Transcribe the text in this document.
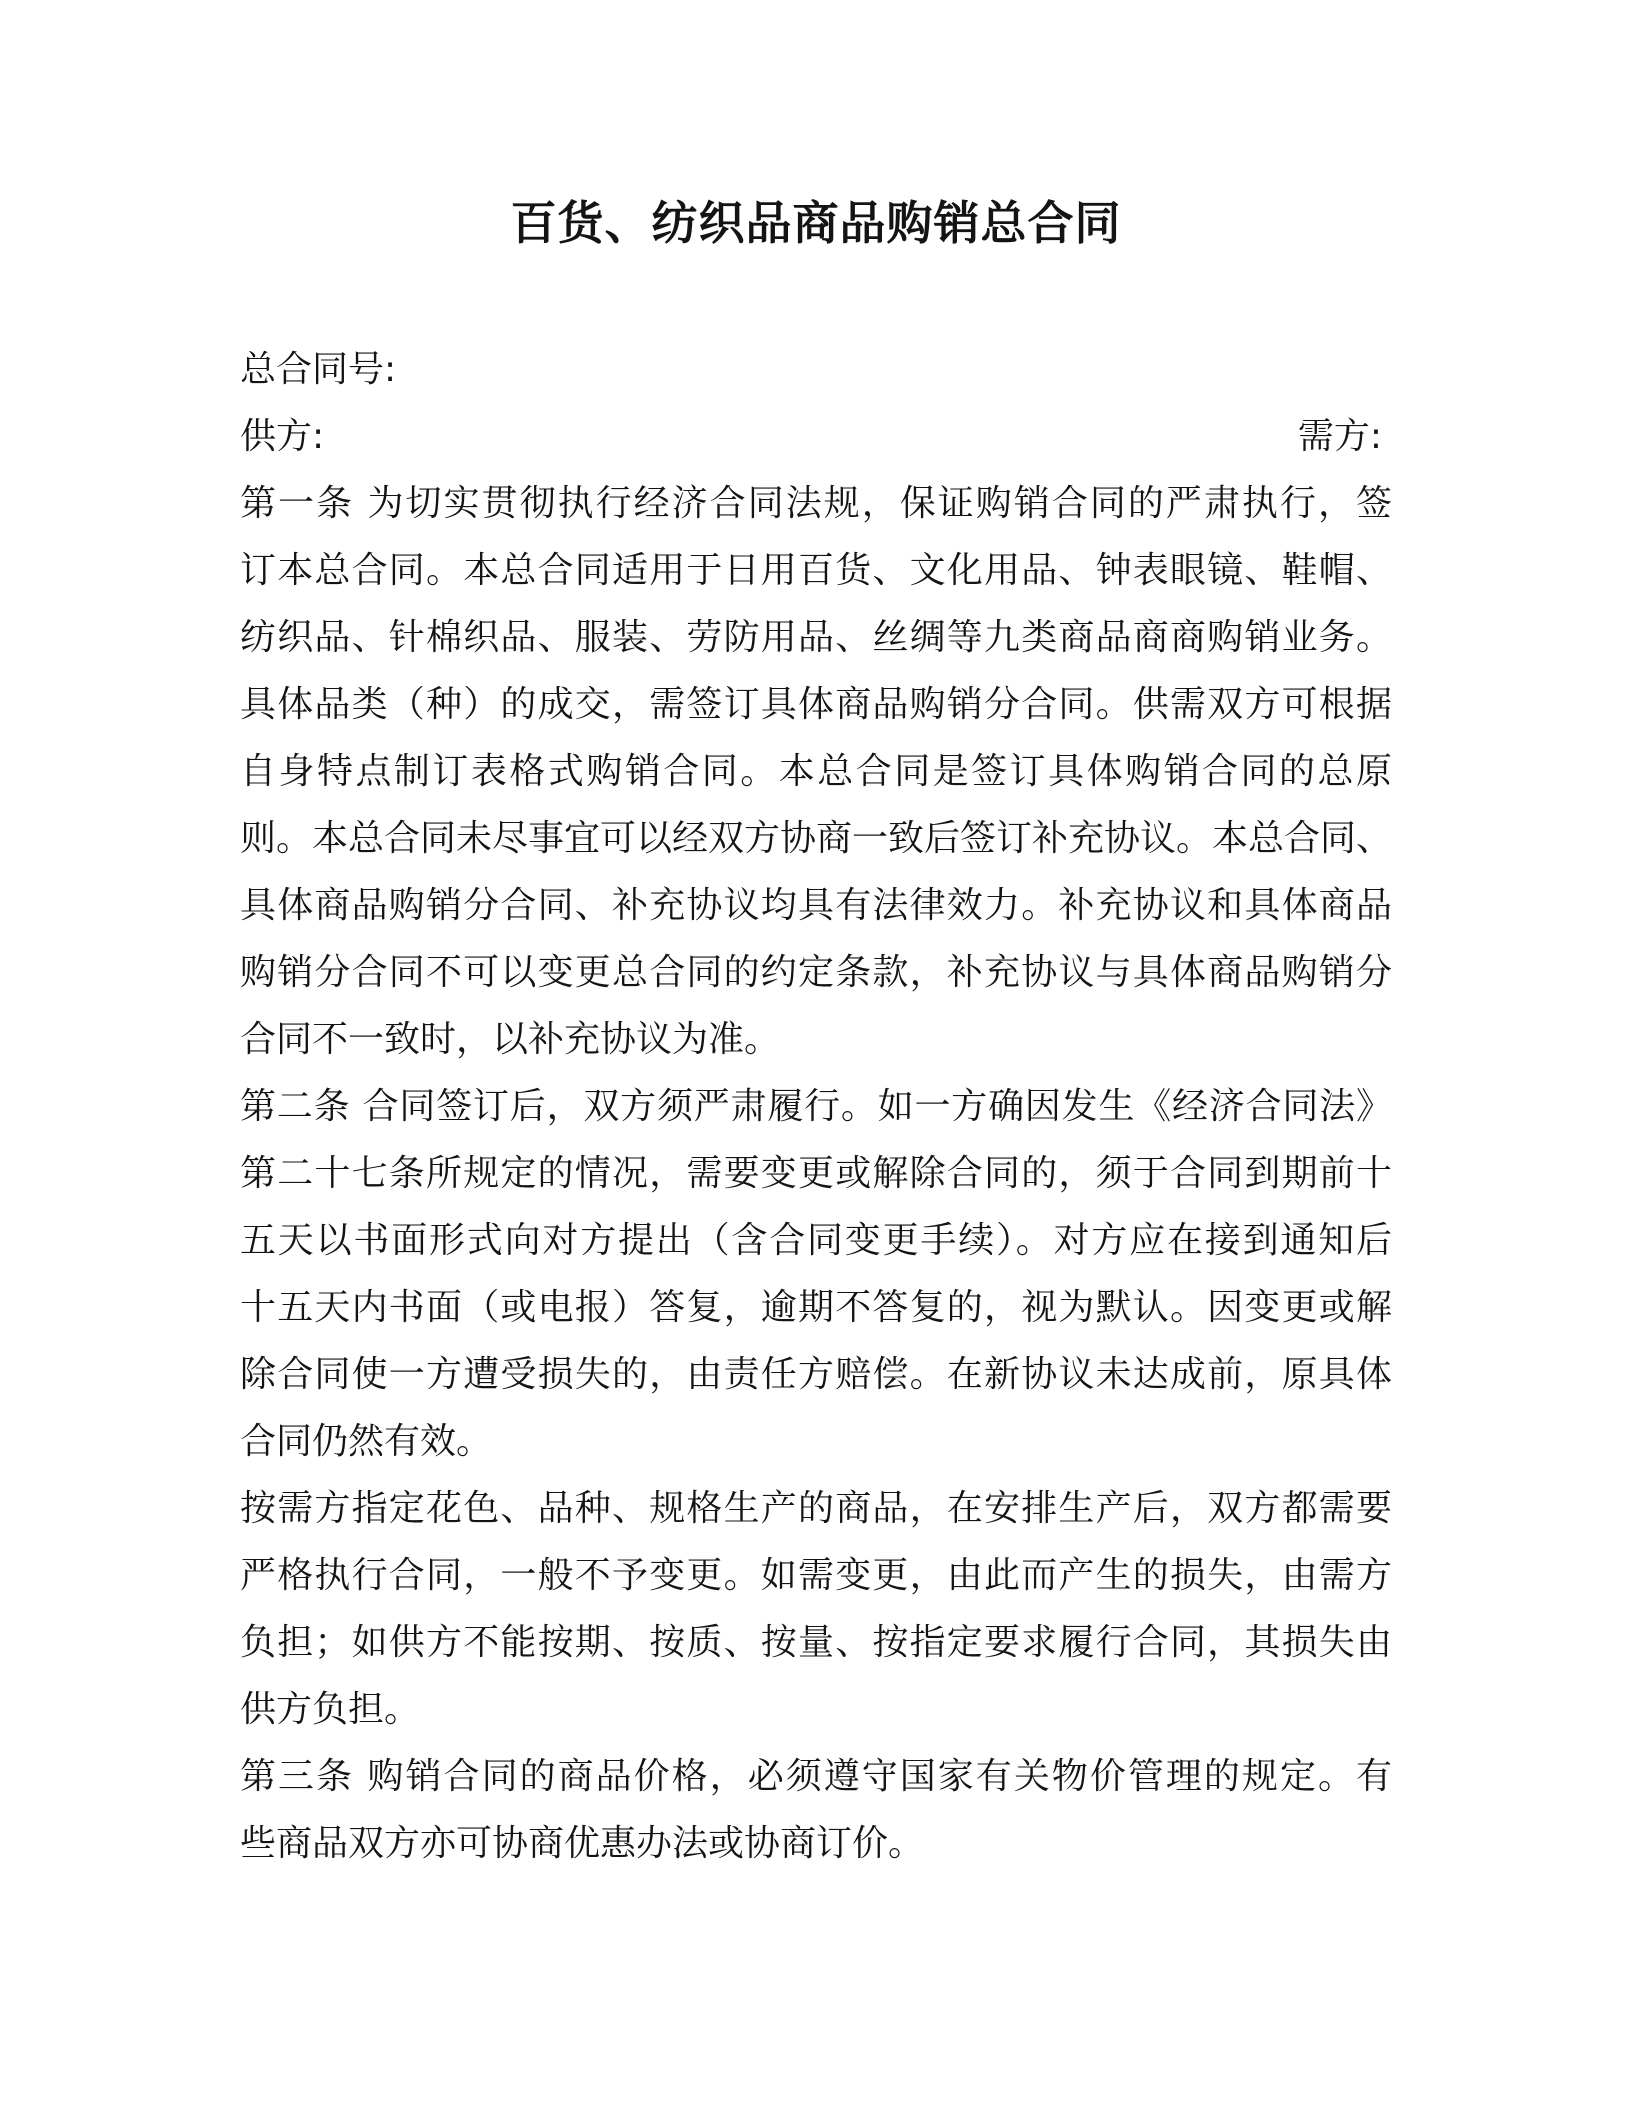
百货、纺织品商品购销总合同
总合同号:
供方:	需方:
第一条 为切实贯彻执行经济合同法规，保证购销合同的严肃执行，签
订本总合同。本总合同适用于日用百货、文化用品、钟表眼镜、鞋帽、
纺织品、针棉织品、服装、劳防用品、丝绸等九类商品商商购销业务。
具体品类（种）的成交，需签订具体商品购销分合同。供需双方可根据
自身特点制订表格式购销合同。本总合同是签订具体购销合同的总原
则。本总合同未尽事宜可以经双方协商一致后签订补充协议。本总合同、
具体商品购销分合同、补充协议均具有法律效力。补充协议和具体商品
购销分合同不可以变更总合同的约定条款，补充协议与具体商品购销分
合同不一致时，以补充协议为准。
第二条 合同签订后，双方须严肃履行。如一方确因发生《经济合同法》
第二十七条所规定的情况，需要变更或解除合同的，须于合同到期前十
五天以书面形式向对方提出（含合同变更手续）。对方应在接到通知后
十五天内书面（或电报）答复，逾期不答复的，视为默认。因变更或解
除合同使一方遭受损失的，由责任方赔偿。在新协议未达成前，原具体
合同仍然有效。
按需方指定花色、品种、规格生产的商品，在安排生产后，双方都需要
严格执行合同，一般不予变更。如需变更，由此而产生的损失，由需方
负担；如供方不能按期、按质、按量、按指定要求履行合同，其损失由
供方负担。
第三条 购销合同的商品价格，必须遵守国家有关物价管理的规定。有
些商品双方亦可协商优惠办法或协商订价。
